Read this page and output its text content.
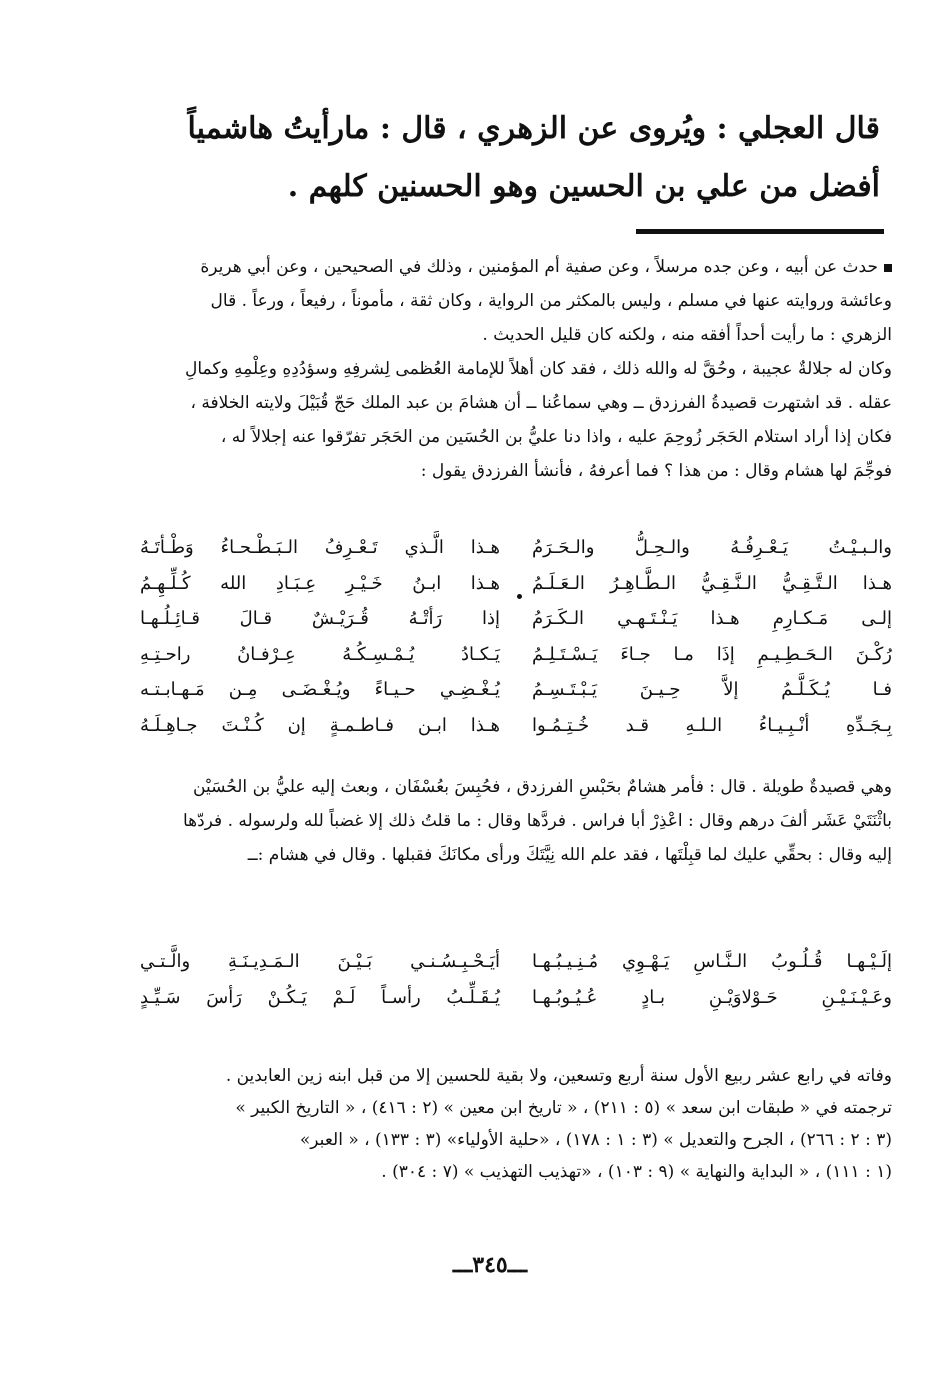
قال العجلي : ويُروى عن الزهري ، قال : مارأيتُ هاشمياً أفضل من علي بن الحسين وهو الحسنين كلهم .

حدث عن أبيه ، وعن جده مرسلاً ، وعن صفية أم المؤمنين ، وذلك في الصحيحين ، وعن أبي هريرة

وعائشة وروايته عنها في مسلم ، وليس بالمكثر من الرواية ، وكان ثقة ، مأموناً ، رفيعاً ، ورعاً . قال

الزهري : ما رأيت أحداً أفقه منه ، ولكنه كان قليل الحديث .

وكان له جلالةٌ عجيبة ، وحُقَّ له والله ذلك ، فقد كان أهلاً للإمامة العُظمى لِشرفِهِ وسؤدُدِهِ وعِلْمِهِ وكمالِ

عقله . قد اشتهرت قصيدةُ الفرزدق ــ وهي سماعُنا ــ أن هشامَ بن عبد الملك حَجّ قُبَيْلَ ولايته الخلافة ،

فكان إذا أراد استلام الحَجَر زُوحِمَ عليه ، واذا دنا عليُّ بن الحُسَين من الحَجَر تفرّقوا عنه إجلالاً له ،

فوجِّمَ لها هشام وقال : من هذا ؟ فما أعرفهُ ، فأنشأ الفرزدق يقول :

هـذا الَّـذي تَـعْـرِفُ الـبَـطْـحـاءُ وَطْـأتَـهُ والـبـيْـتُ يَـعْـرِفُـهُ والـحِـلُّ والـحَـرَمُ
هـذا ابـنُ خَـيْـرِ عِـبَـادِ الله كُـلِّـهِـمُ هـذا الـتَّـقِـيُّ الـنَّـقِـيُّ الـطَّـاهِـرُ الـعَـلَـمُ
إذا رَأتْـهُ قُـرَيْـشٌ قـالَ قـائِـلُـهـا إلـى مَـكـارِمِ هـذا يَـنْـتَـهـي الـكَـرَمُ
يَـكـادُ يُـمْـسِـكُـهُ عِـرْفـانُ راحـتِـهِ رُكْـنَ الـحَـطِـيـمِ إذَا مـا جـاءَ يَـسْـتَـلِـمُ
يُـغْـضِـي حـيـاءً ويُـغْـضَـى مِـن مَـهـابـتـه فـا يُـكَـلَّـمُ إلاَّ حِـيـنَ يَـبْـتَـسِـمُ
هـذا ابـن فـاطـمـةٍ إن كُـنْـتَ جـاهِـلَـهُ بِـجَـدِّهِ أنْـبِـيـاءُ الـلـهِ قـد خُـتِـمُـوا

وهي قصيدةٌ طويلة . قال : فأمر هشامٌ بحَبْسِ الفرزدق ، فحُبِسَ بعُسْفَان ، وبعث إليه عليُّ بن الحُسَيْن

باثْنَتَيْ عَشَر ألفَ درهم وقال : اعْذِرْ أبا فراس . فردَّها وقال : ما قلتُ ذلك إلا غضباً لله ولرسوله . فردّها

إليه وقال : بحقِّي عليك لما قبِلْتَها ، فقد علم الله نِيَّتَكَ ورأى مكانَكَ فقبلها . وقال في هشام :ــ

أيَـحْـبِـسُـنـي بَـيْـنَ الـمَـدِيـنَـةِ والَّـتـي إلَـيْـهـا قُـلُـوبُ الـنَّـاسِ يَـهْـوِي مُـنِـيـبُـهـا
يُـقَـلِّـبُ رأسـاً لَـمْ يَـكُـنْ رَأسَ سَـيِّـدٍ وعَـيْـنَـيْـنِ حَـوْلاوَيْـنِ بـادٍ عُـيُـوبُـهـا

وفاته في رابع عشر ربيع الأول سنة أربع وتسعين، ولا بقية للحسين إلا من قبل ابنه زين العابدين .

ترجمته في « طبقات ابن سعد » (٥ : ٢١١) ، « تاريخ ابن معين » (٢ : ٤١٦) ، « التاريخ الكبير »

(٣ : ٢ : ٢٦٦) ، الجرح والتعديل » (٣ : ١ : ١٧٨) ، «حلية الأولياء» (٣ : ١٣٣) ، « العبر»

(١ : ١١١) ، « البداية والنهاية » (٩ : ١٠٣) ، «تهذيب التهذيب » (٧ : ٣٠٤) .

ـــ٣٤٥ـــ
